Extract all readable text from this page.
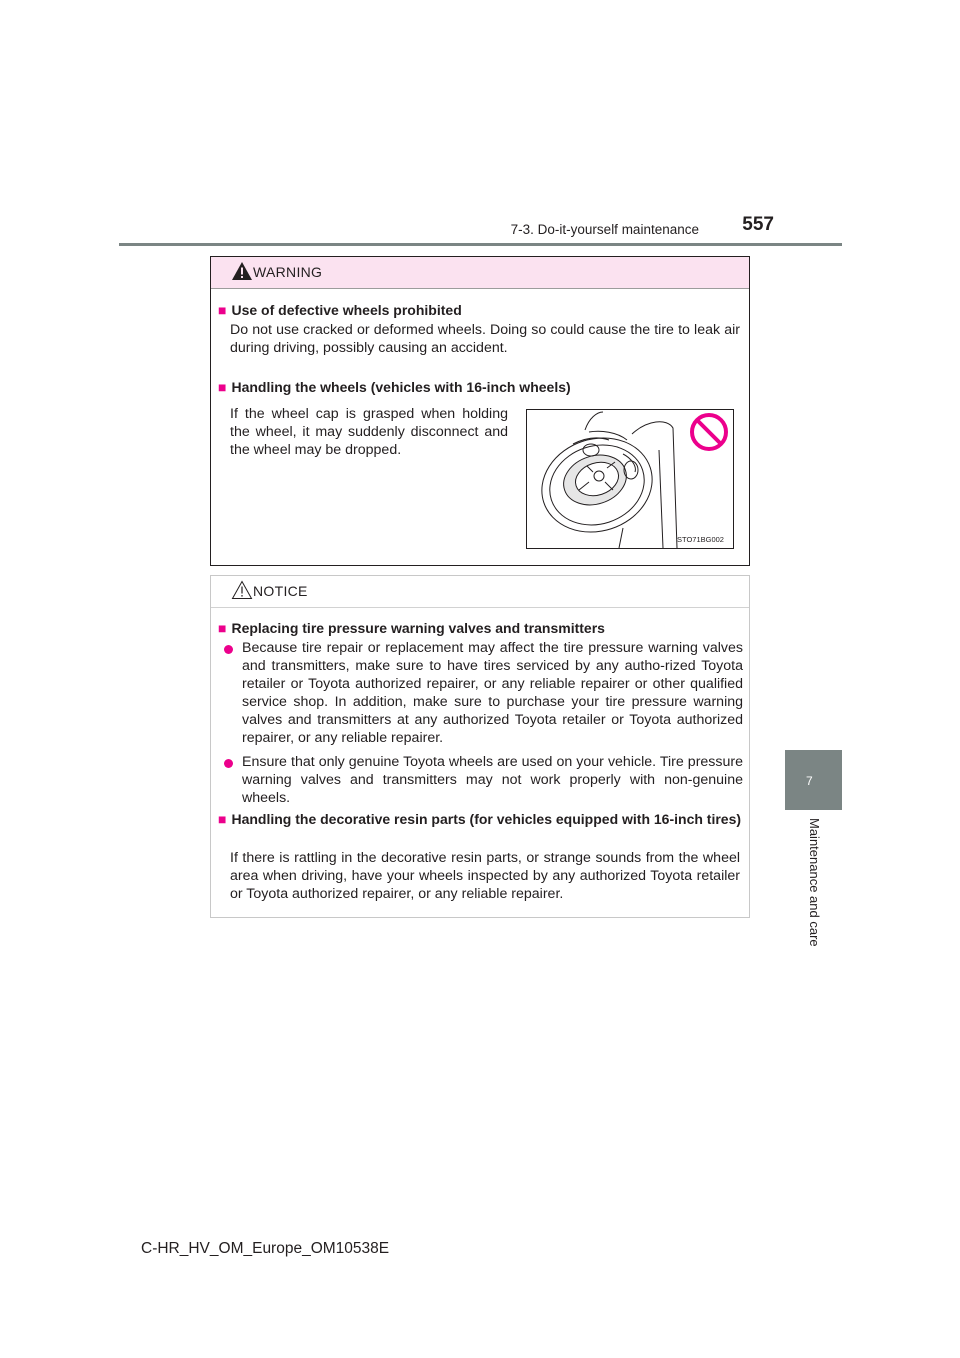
7-3. Do-it-yourself maintenance	557
7
Maintenance and care
WARNING
■ Use of defective wheels prohibited
Do not use cracked or deformed wheels. Doing so could cause the tire to leak air during driving, possibly causing an accident.
■ Handling the wheels (vehicles with 16-inch wheels)
If the wheel cap is grasped when holding the wheel, it may suddenly disconnect and the wheel may be dropped.
STO71BG002
NOTICE
■ Replacing tire pressure warning valves and transmitters
Because tire repair or replacement may affect the tire pressure warning valves and transmitters, make sure to have tires serviced by any autho-rized Toyota retailer or Toyota authorized repairer, or any reliable repairer or other qualified service shop. In addition, make sure to purchase your tire pressure warning valves and transmitters at any authorized Toyota retailer or Toyota authorized repairer, or any reliable repairer.
Ensure that only genuine Toyota wheels are used on your vehicle. Tire pressure warning valves and transmitters may not work properly with non-genuine wheels.
■ Handling the decorative resin parts (for vehicles equipped with 16-inch tires)
If there is rattling in the decorative resin parts, or strange sounds from the wheel area when driving, have your wheels inspected by any authorized Toyota retailer or Toyota authorized repairer, or any reliable repairer.
C-HR_HV_OM_Europe_OM10538E
